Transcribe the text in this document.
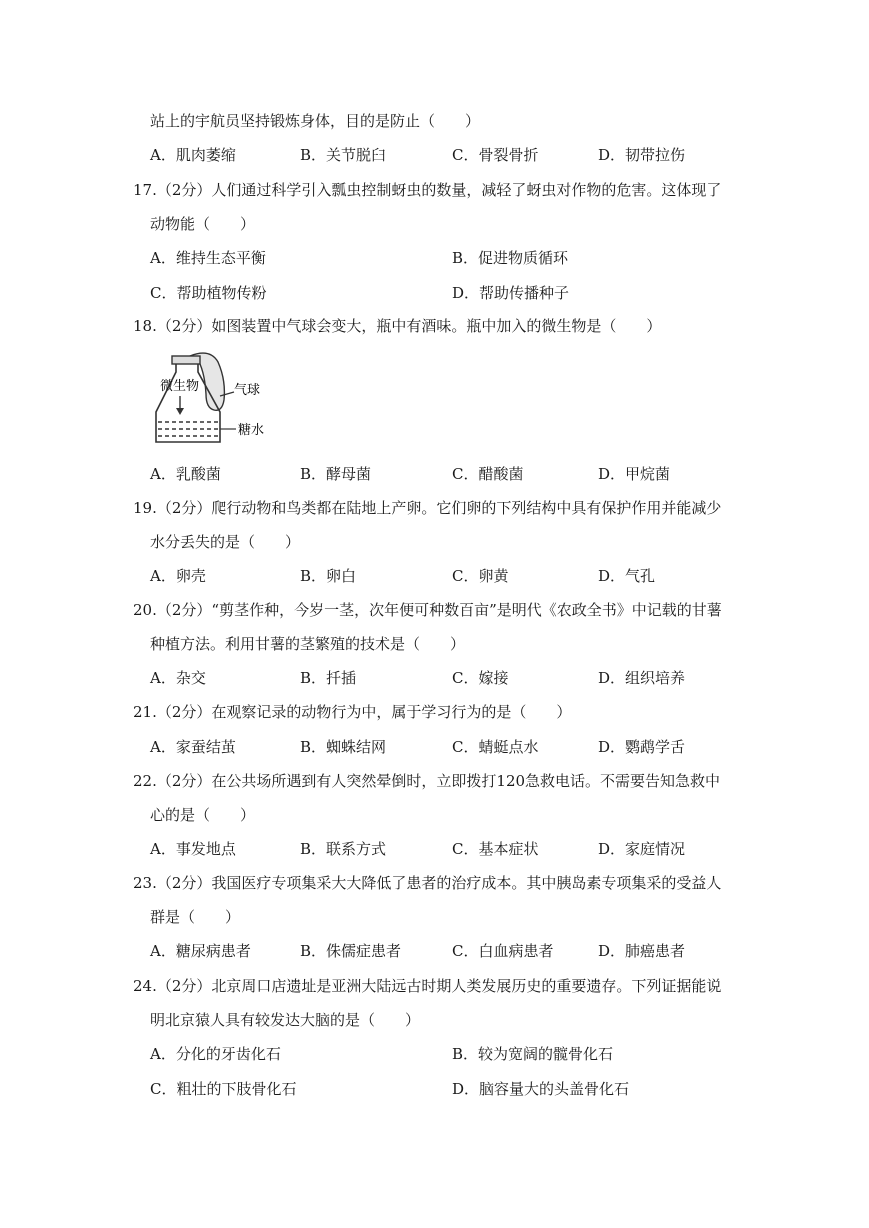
站上的宇航员坚持锻炼身体，目的是防止（　　）
A．肌肉萎缩	B．关节脱臼	C．骨裂骨折	D．韧带拉伤
17.（2分）人们通过科学引入瓢虫控制蚜虫的数量，减轻了蚜虫对作物的危害。这体现了
动物能（　　）
A．维持生态平衡	B．促进物质循环
C．帮助植物传粉	D．帮助传播种子
18.（2分）如图装置中气球会变大，瓶中有酒味。瓶中加入的微生物是（　　）
微生物	气球
糖水
A．乳酸菌	B．酵母菌	C．醋酸菌	D．甲烷菌
19.（2分）爬行动物和鸟类都在陆地上产卵。它们卵的下列结构中具有保护作用并能减少
水分丢失的是（　　）
A．卵壳	B．卵白	C．卵黄	D．气孔
20.（2分）“剪茎作种，今岁一茎，次年便可种数百亩”是明代《农政全书》中记载的甘薯
种植方法。利用甘薯的茎繁殖的技术是（　　）
A．杂交	B．扦插	C．嫁接	D．组织培养
21.（2分）在观察记录的动物行为中，属于学习行为的是（　　）
A．家蚕结茧	B．蜘蛛结网	C．蜻蜓点水	D．鹦鹉学舌
22.（2分）在公共场所遇到有人突然晕倒时，立即拨打120急救电话。不需要告知急救中
心的是（　　）
A．事发地点	B．联系方式	C．基本症状	D．家庭情况
23.（2分）我国医疗专项集采大大降低了患者的治疗成本。其中胰岛素专项集采的受益人
群是（　　）
A．糖尿病患者	B．侏儒症患者	C．白血病患者	D．肺癌患者
24.（2分）北京周口店遗址是亚洲大陆远古时期人类发展历史的重要遗存。下列证据能说
明北京猿人具有较发达大脑的是（　　）
A．分化的牙齿化石	B．较为宽阔的髋骨化石
C．粗壮的下肢骨化石	D．脑容量大的头盖骨化石
